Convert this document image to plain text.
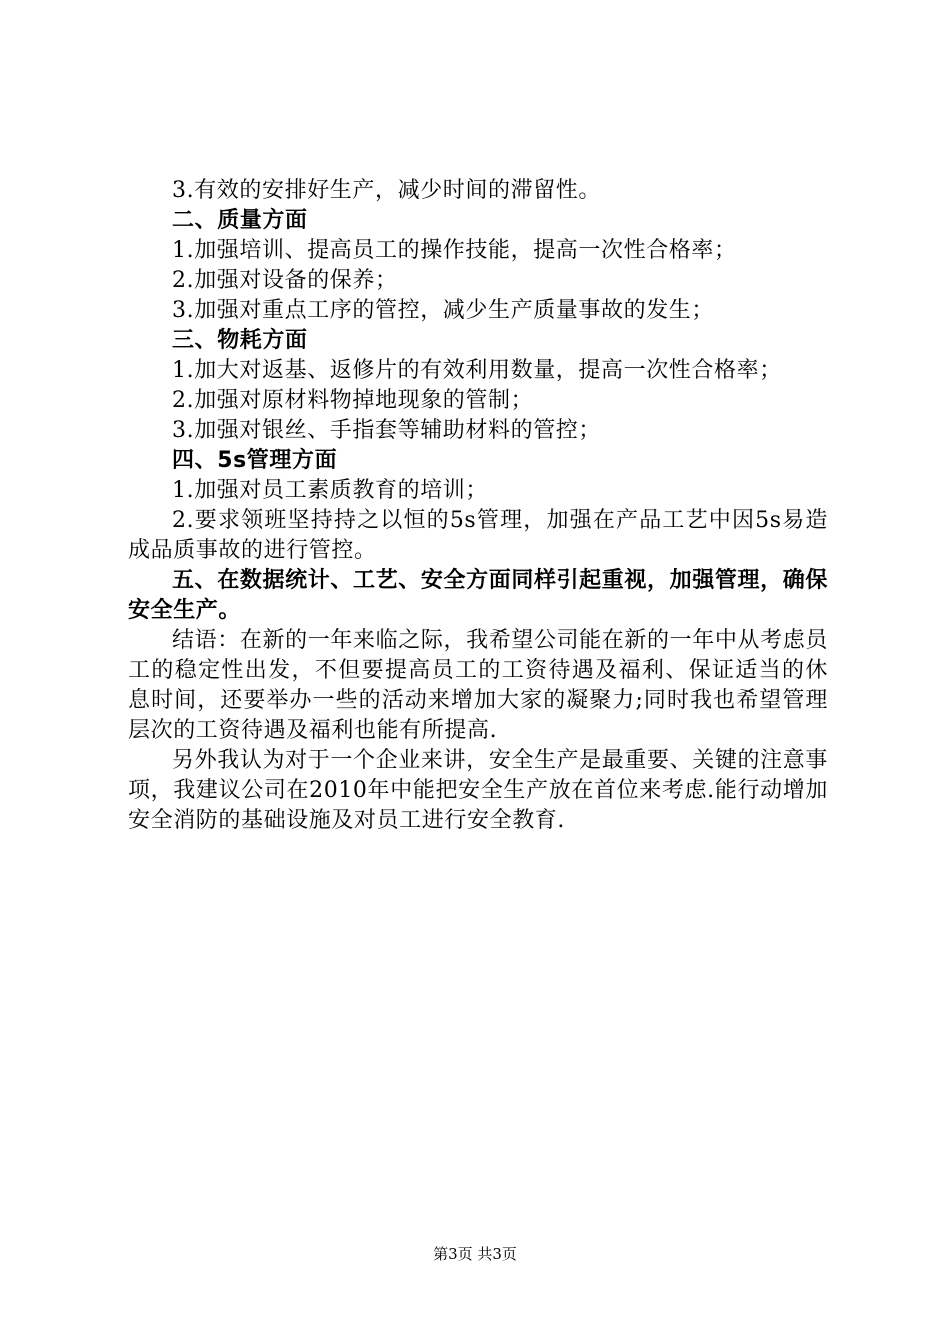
3.有效的安排好生产，减少时间的滞留性。

二、质量方面

1.加强培训、提高员工的操作技能，提高一次性合格率；

2.加强对设备的保养；

3.加强对重点工序的管控，减少生产质量事故的发生；

三、物耗方面

1.加大对返基、返修片的有效利用数量，提高一次性合格率；

2.加强对原材料物掉地现象的管制；

3.加强对银丝、手指套等辅助材料的管控；

四、5s管理方面

1.加强对员工素质教育的培训；

2.要求领班坚持持之以恒的5s管理，加强在产品工艺中因5s易造成品质事故的进行管控。

五、在数据统计、工艺、安全方面同样引起重视，加强管理，确保安全生产。

结语：在新的一年来临之际，我希望公司能在新的一年中从考虑员工的稳定性出发，不但要提高员工的工资待遇及福利、保证适当的休息时间，还要举办一些的活动来增加大家的凝聚力;同时我也希望管理层次的工资待遇及福利也能有所提高.

另外我认为对于一个企业来讲，安全生产是最重要、关键的注意事项，我建议公司在2010年中能把安全生产放在首位来考虑.能行动增加安全消防的基础设施及对员工进行安全教育.

第3页 共3页
